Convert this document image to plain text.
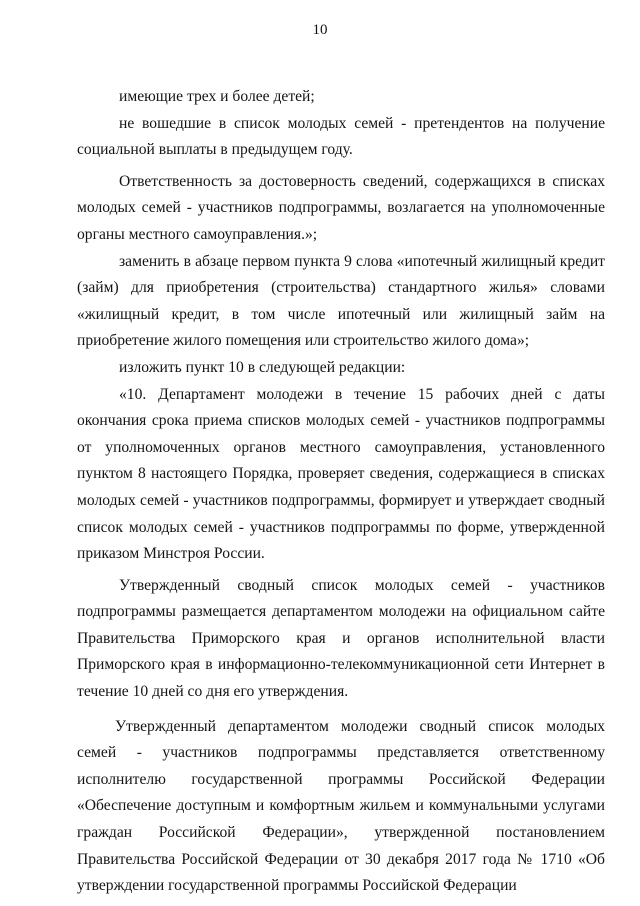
10

имеющие трех и более детей;

не вошедшие в список молодых семей - претендентов на получение социальной выплаты в предыдущем году.

Ответственность за достоверность сведений, содержащихся в списках молодых семей - участников подпрограммы, возлагается на уполномоченные органы местного самоуправления.»;

заменить в абзаце первом пункта 9 слова «ипотечный жилищный кредит (займ) для приобретения (строительства) стандартного жилья» словами «жилищный кредит, в том числе ипотечный или жилищный займ на приобретение жилого помещения или строительство жилого дома»;

изложить пункт 10 в следующей редакции:

«10. Департамент молодежи в течение 15 рабочих дней с даты окончания срока приема списков молодых семей - участников подпрограммы от уполномоченных органов местного самоуправления, установленного пунктом 8 настоящего Порядка, проверяет сведения, содержащиеся в списках молодых семей - участников подпрограммы, формирует и утверждает сводный список молодых семей - участников подпрограммы по форме, утвержденной приказом Минстроя России.

Утвержденный сводный список молодых семей - участников подпрограммы размещается департаментом молодежи на официальном сайте Правительства Приморского края и органов исполнительной власти Приморского края в информационно-телекоммуникационной сети Интернет в течение 10 дней со дня его утверждения.

Утвержденный департаментом молодежи сводный список молодых семей - участников подпрограммы представляется ответственному исполнителю государственной программы Российской Федерации «Обеспечение доступным и комфортным жильем и коммунальными услугами граждан Российской Федерации», утвержденной постановлением Правительства Российской Федерации от 30 декабря 2017 года № 1710 «Об утверждении государственной программы Российской Федерации
